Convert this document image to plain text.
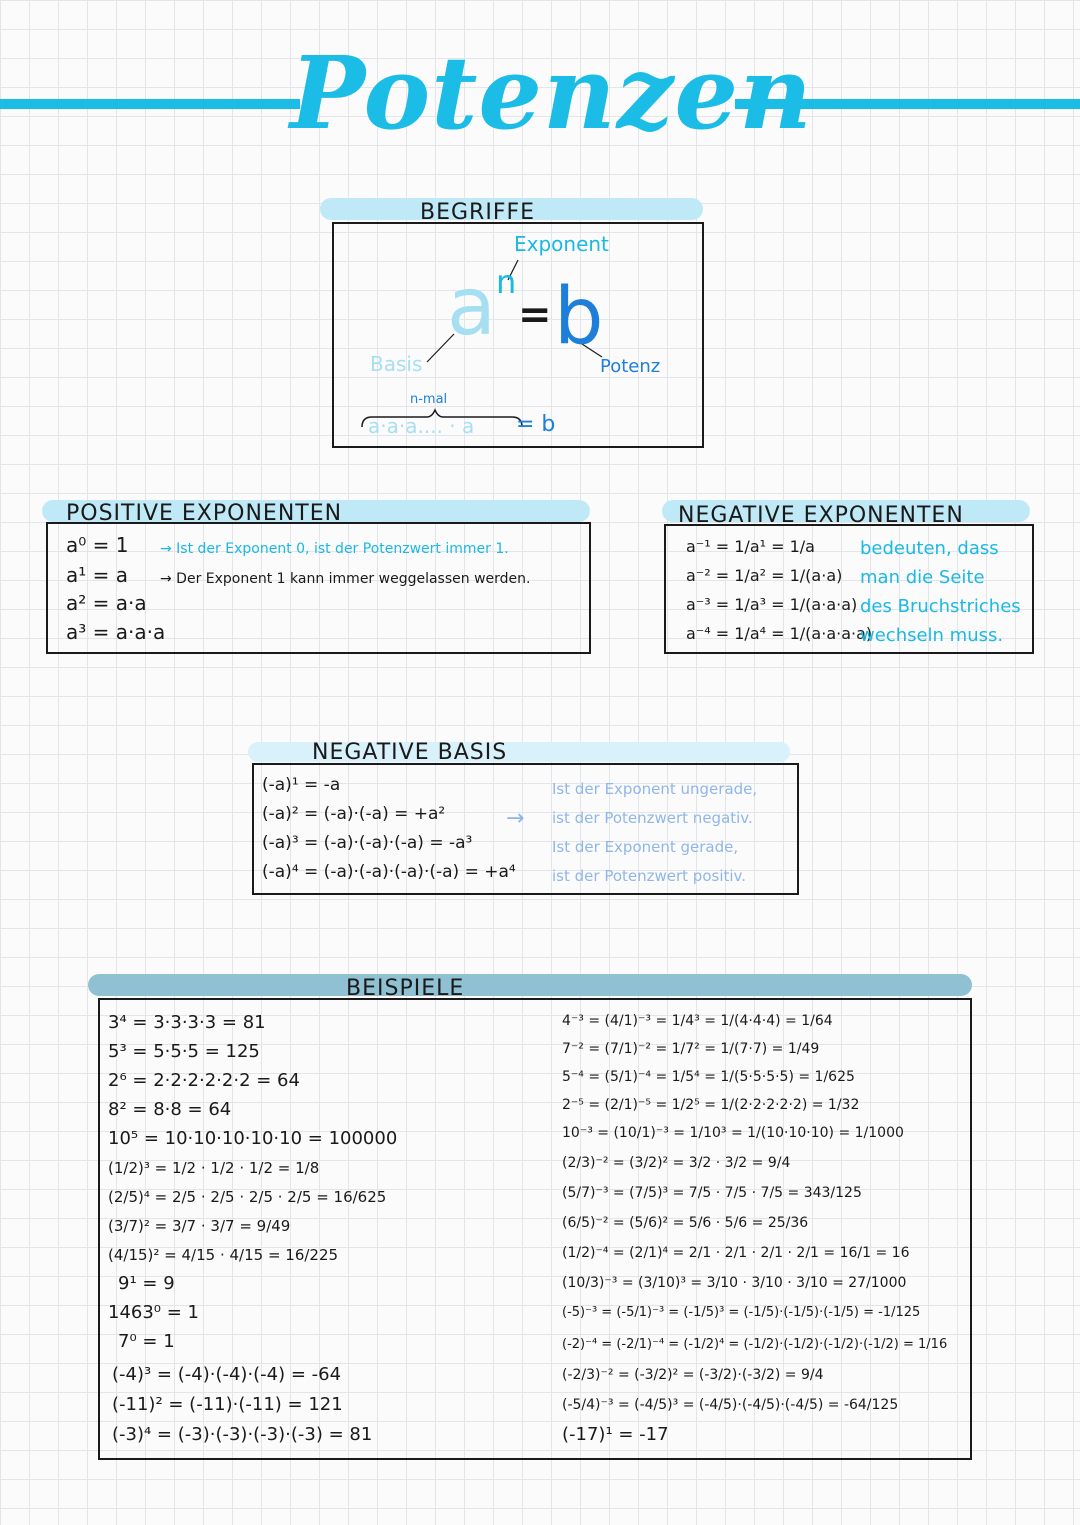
Potenzen
BEGRIFFE
Exponent
a n
= b
Basis	Potenz
n-mal
a·a·a.... · a = b
POSITIVE EXPONENTEN
a⁰ = 1 → Ist der Exponent 0, ist der Potenzwert immer 1.
a¹ = a → Der Exponent 1 kann immer weggelassen werden.
a² = a·a
a³ = a·a·a
NEGATIVE EXPONENTEN
a⁻¹ = 1/a¹ = 1/a	bedeuten, dass
a⁻² = 1/a² = 1/(a·a) man die Seite
a⁻³ = 1/a³ = 1/(a·a·a) des Bruchstriches
a⁻⁴ = 1/a⁴ = 1/(a·a·a·a)
wechseln muss.
NEGATIVE BASIS
(-a)¹ = -a
(-a)² = (-a)·(-a) = +a²
(-a)³ = (-a)·(-a)·(-a) = -a³
(-a)⁴ = (-a)·(-a)·(-a)·(-a) = +a⁴
→
Ist der Exponent ungerade,
ist der Potenzwert negativ.
Ist der Exponent gerade,
ist der Potenzwert positiv.
BEISPIELE
3⁴ = 3·3·3·3 = 81
5³ = 5·5·5 = 125
2⁶ = 2·2·2·2·2·2 = 64
8² = 8·8 = 64
10⁵ = 10·10·10·10·10 = 100000
(1/2)³ = 1/2 · 1/2 · 1/2 = 1/8
(2/5)⁴ = 2/5 · 2/5 · 2/5 · 2/5 = 16/625
(3/7)² = 3/7 · 3/7 = 9/49
(4/15)² = 4/15 · 4/15 = 16/225
9¹ = 9
1463⁰ = 1
7⁰ = 1
(-4)³ = (-4)·(-4)·(-4) = -64
(-11)² = (-11)·(-11) = 121
(-3)⁴ = (-3)·(-3)·(-3)·(-3) = 81
4⁻³ = (4/1)⁻³ = 1/4³ = 1/(4·4·4) = 1/64
7⁻² = (7/1)⁻² = 1/7² = 1/(7·7) = 1/49
5⁻⁴ = (5/1)⁻⁴ = 1/5⁴ = 1/(5·5·5·5) = 1/625
2⁻⁵ = (2/1)⁻⁵ = 1/2⁵ = 1/(2·2·2·2·2) = 1/32
10⁻³ = (10/1)⁻³ = 1/10³ = 1/(10·10·10) = 1/1000
(2/3)⁻² = (3/2)² = 3/2 · 3/2 = 9/4
(5/7)⁻³ = (7/5)³ = 7/5 · 7/5 · 7/5 = 343/125
(6/5)⁻² = (5/6)² = 5/6 · 5/6 = 25/36
(1/2)⁻⁴ = (2/1)⁴ = 2/1 · 2/1 · 2/1 · 2/1 = 16/1 = 16
(10/3)⁻³ = (3/10)³ = 3/10 · 3/10 · 3/10 = 27/1000
(-5)⁻³ = (-5/1)⁻³ = (-1/5)³ = (-1/5)·(-1/5)·(-1/5) = -1/125
(-2)⁻⁴ = (-2/1)⁻⁴ = (-1/2)⁴ = (-1/2)·(-1/2)·(-1/2)·(-1/2) = 1/16
(-2/3)⁻² = (-3/2)² = (-3/2)·(-3/2) = 9/4
(-5/4)⁻³ = (-4/5)³ = (-4/5)·(-4/5)·(-4/5) = -64/125
(-17)¹ = -17
